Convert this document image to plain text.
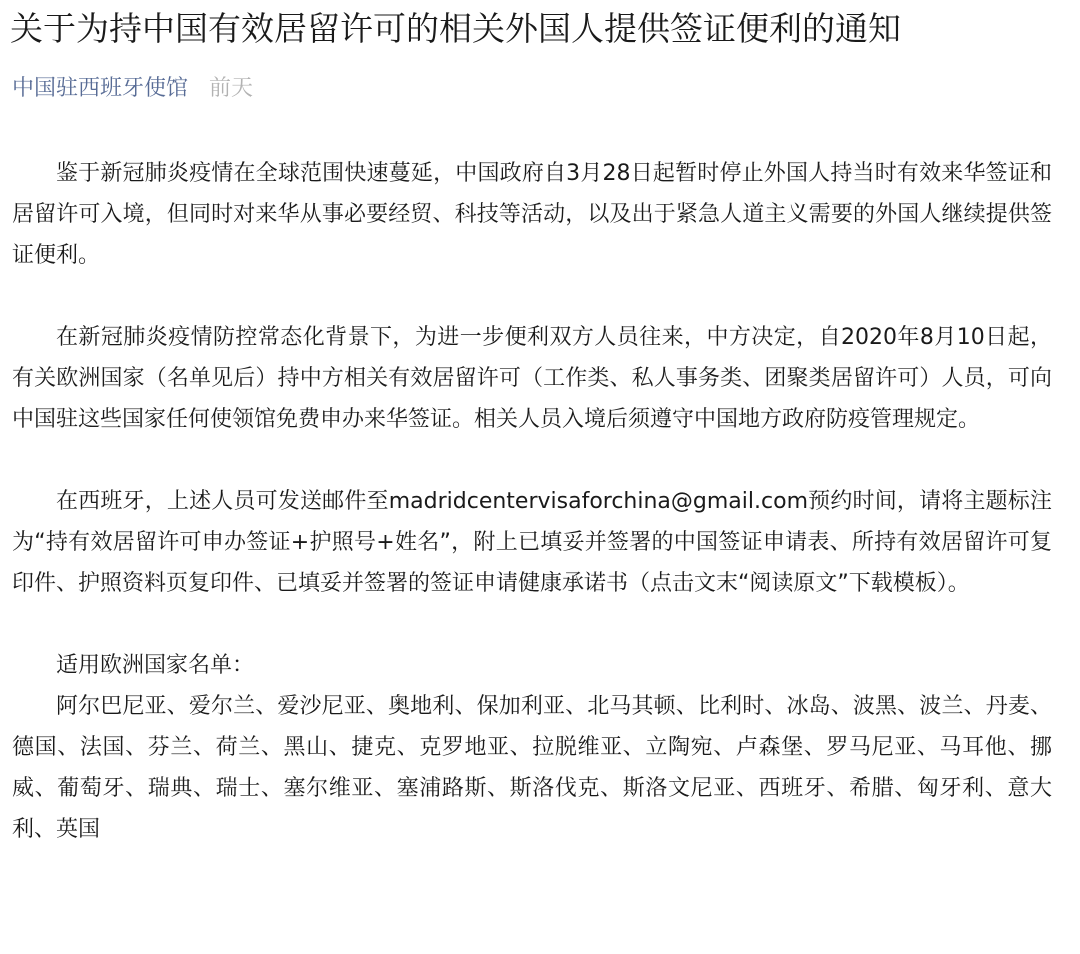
关于为持中国有效居留许可的相关外国人提供签证便利的通知
中国驻西班牙使馆 前天

鉴于新冠肺炎疫情在全球范围快速蔓延，中国政府自3月28日起暂时停止外国人持当时有效来华签证和居留许可入境，但同时对来华从事必要经贸、科技等活动，以及出于紧急人道主义需要的外国人继续提供签证便利。

在新冠肺炎疫情防控常态化背景下，为进一步便利双方人员往来，中方决定，自2020年8月10日起，有关欧洲国家（名单见后）持中方相关有效居留许可（工作类、私人事务类、团聚类居留许可）人员，可向中国驻这些国家任何使领馆免费申办来华签证。相关人员入境后须遵守中国地方政府防疫管理规定。

在西班牙，上述人员可发送邮件至madridcentervisaforchina@gmail.com预约时间，请将主题标注为“持有效居留许可申办签证+护照号+姓名”，附上已填妥并签署的中国签证申请表、所持有效居留许可复印件、护照资料页复印件、已填妥并签署的签证申请健康承诺书（点击文末“阅读原文”下载模板）。

适用欧洲国家名单：

阿尔巴尼亚、爱尔兰、爱沙尼亚、奥地利、保加利亚、北马其顿、比利时、冰岛、波黑、波兰、丹麦、德国、法国、芬兰、荷兰、黑山、捷克、克罗地亚、拉脱维亚、立陶宛、卢森堡、罗马尼亚、马耳他、挪威、葡萄牙、瑞典、瑞士、塞尔维亚、塞浦路斯、斯洛伐克、斯洛文尼亚、西班牙、希腊、匈牙利、意大利、英国
